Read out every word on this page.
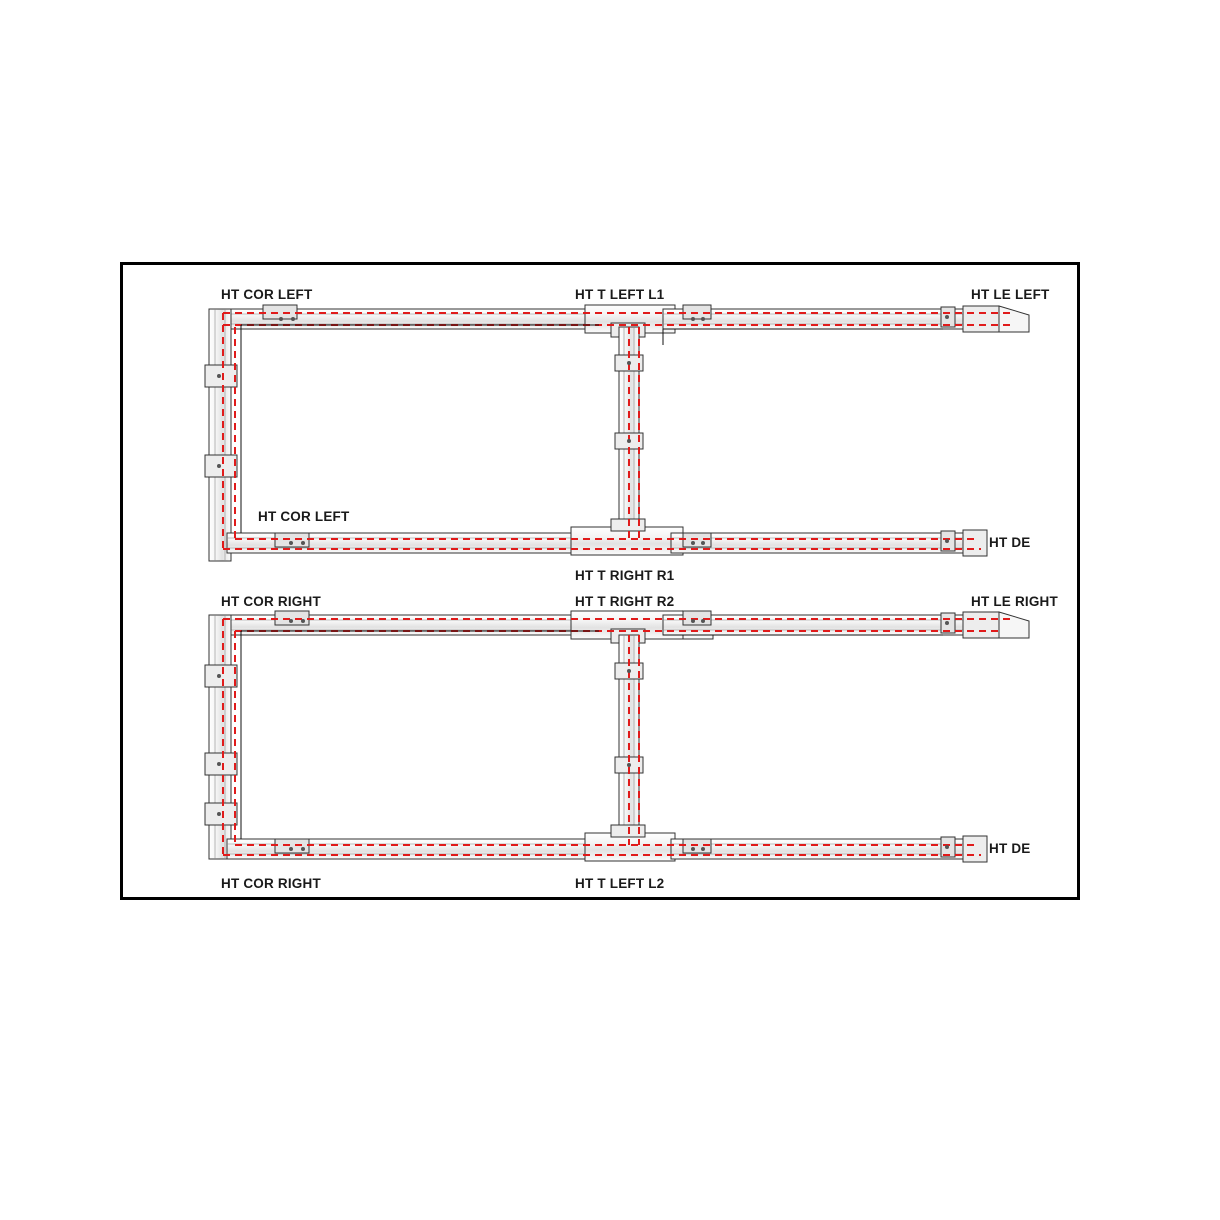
HT COR LEFT	HT T LEFT L1	HT LE LEFT
HT COR LEFT
HT DE
HT T RIGHT R1
HT COR RIGHT	HT T RIGHT R2	HT LE RIGHT
HT DE
HT COR RIGHT	HT T LEFT L2
